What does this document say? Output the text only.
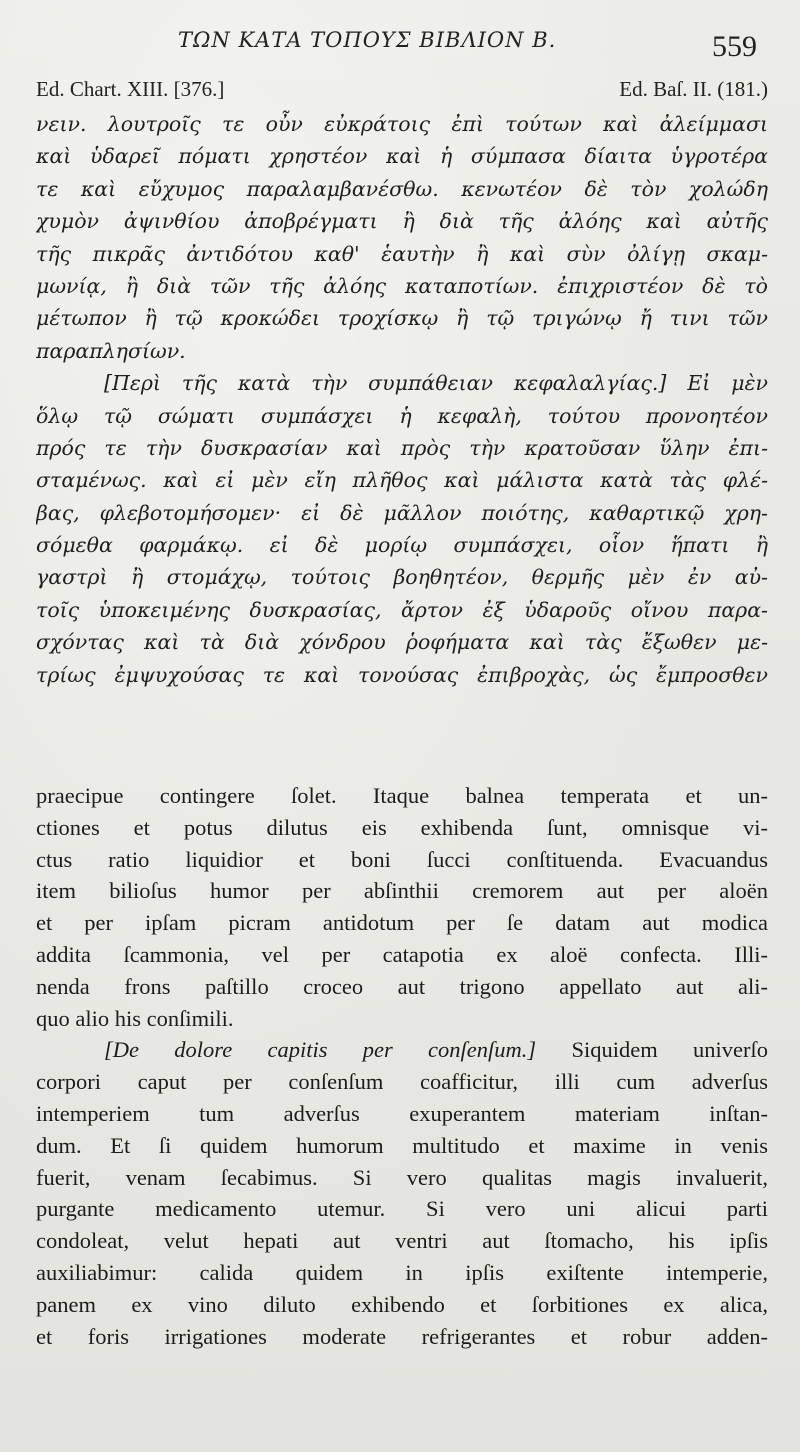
ΤΩΝ ΚΑΤΑ ΤΟΠΟΥΣ ΒΙΒΛΙΟΝ Β.	559
Ed. Chart. XIII. [376.]	Ed. Baſ. II. (181.)
νειν. λουτροῖς τε οὖν εὐκράτοις ἐπὶ τούτων καὶ ἀλείμμασι
καὶ ὑδαρεῖ πόματι χρηστέον καὶ ἡ σύμπασα δίαιτα ὑγροτέρα
τε καὶ εὔχυμος παραλαμβανέσθω. κενωτέον δὲ τὸν χολώδη
χυμὸν ἀψινθίου ἀποβρέγματι ἢ διὰ τῆς ἀλόης καὶ αὐτῆς
τῆς πικρᾶς ἀντιδότου καθ' ἑαυτὴν ἢ καὶ σὺν ὀλίγῃ σκαμ-
μωνίᾳ, ἢ διὰ τῶν τῆς ἀλόης καταποτίων. ἐπιχριστέον δὲ τὸ
μέτωπον ἢ τῷ κροκώδει τροχίσκῳ ἢ τῷ τριγώνῳ ἤ τινι τῶν
παραπλησίων.
[Περὶ τῆς κατὰ τὴν συμπάθειαν κεφαλαλγίας.] Εἰ μὲν
ὅλῳ τῷ σώματι συμπάσχει ἡ κεφαλὴ, τούτου προνοητέον
πρός τε τὴν δυσκρασίαν καὶ πρὸς τὴν κρατοῦσαν ὕλην ἐπι-
σταμένως. καὶ εἰ μὲν εἴη πλῆθος καὶ μάλιστα κατὰ τὰς φλέ-
βας, φλεβοτομήσομεν· εἰ δὲ μᾶλλον ποιότης, καθαρτικῷ χρη-
σόμεθα φαρμάκῳ. εἰ δὲ μορίῳ συμπάσχει, οἷον ἥπατι ἢ
γαστρὶ ἢ στομάχῳ, τούτοις βοηθητέον, θερμῆς μὲν ἐν αὐ-
τοῖς ὑποκειμένης δυσκρασίας, ἄρτον ἐξ ὑδαροῦς οἴνου παρα-
σχόντας καὶ τὰ διὰ χόνδρου ῥοφήματα καὶ τὰς ἔξωθεν με-
τρίως ἐμψυχούσας τε καὶ τονούσας ἐπιβροχὰς, ὡς ἔμπροσθεν
praecipue contingere ſolet. Itaque balnea temperata et un-
ctiones et potus dilutus eis exhibenda ſunt, omnisque vi-
ctus ratio liquidior et boni ſucci conſtituenda. Evacuandus
item bilioſus humor per abſinthii cremorem aut per aloën
et per ipſam picram antidotum per ſe datam aut modica
addita ſcammonia, vel per catapotia ex aloë confecta. Illi-
nenda frons paſtillo croceo aut trigono appellato aut ali-
quo alio his conſimili.
[De dolore capitis per conſenſum.] Siquidem univerſo
corpori caput per conſenſum coafficitur, illi cum adverſus
intemperiem tum adverſus exuperantem materiam inſtan-
dum. Et ſi quidem humorum multitudo et maxime in venis
fuerit, venam ſecabimus. Si vero qualitas magis invaluerit,
purgante medicamento utemur. Si vero uni alicui parti
condoleat, velut hepati aut ventri aut ſtomacho, his ipſis
auxiliabimur: calida quidem in ipſis exiſtente intemperie,
panem ex vino diluto exhibendo et ſorbitiones ex alica,
et foris irrigationes moderate refrigerantes et robur adden-
